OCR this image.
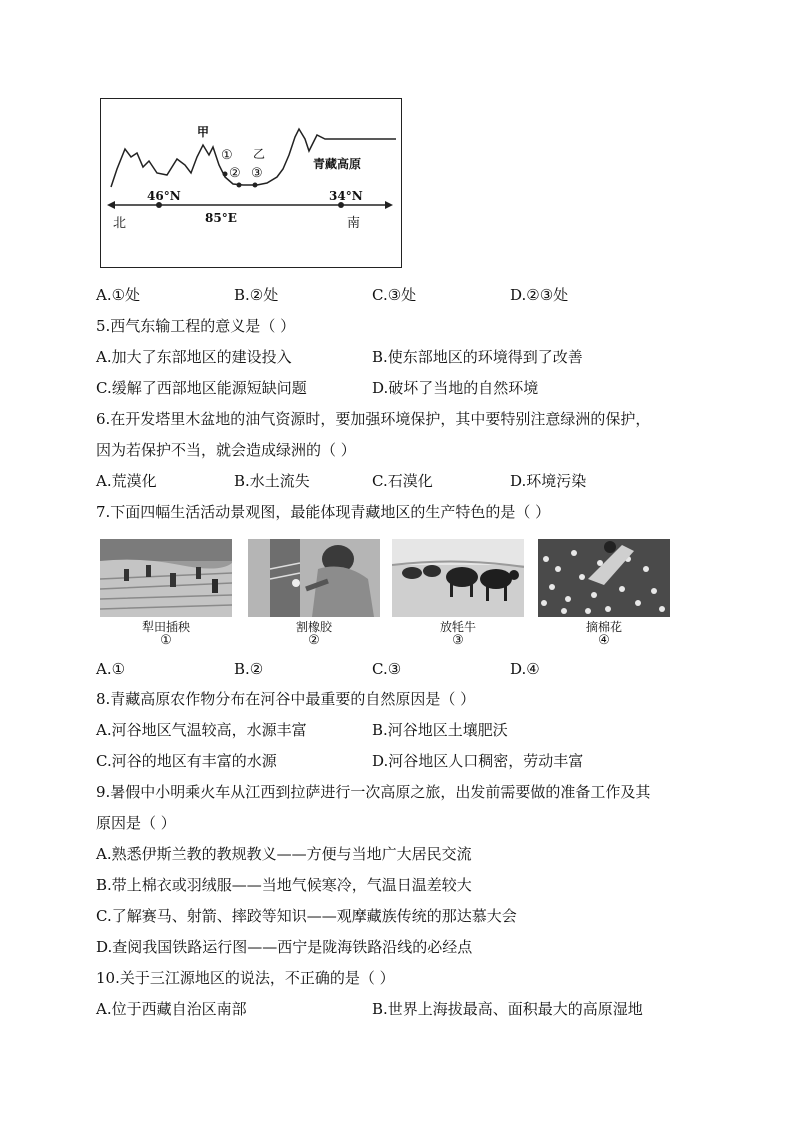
甲
乙
①
② ③
青藏高原
46°N	34°N
85°E
北	南
A.①处	B.②处	C.③处	D.②③处
5.西气东输工程的意义是（ ）
A.加大了东部地区的建设投入	B.使东部地区的环境得到了改善
C.缓解了西部地区能源短缺问题	D.破坏了当地的自然环境
6.在开发塔里木盆地的油气资源时，要加强环境保护，其中要特别注意绿洲的保护，
因为若保护不当，就会造成绿洲的（ ）
A.荒漠化	B.水土流失	C.石漠化	D.环境污染
7.下面四幅生活活动景观图，最能体现青藏地区的生产特色的是（ ）
犁田插秧	割橡胶	放牦牛	摘棉花
①	②	③	④
A.①	B.②	C.③	D.④
8.青藏高原农作物分布在河谷中最重要的自然原因是（ ）
A.河谷地区气温较高，水源丰富	B.河谷地区土壤肥沃
C.河谷的地区有丰富的水源	D.河谷地区人口稠密，劳动丰富
9.暑假中小明乘火车从江西到拉萨进行一次高原之旅，出发前需要做的准备工作及其
原因是（ ）
A.熟悉伊斯兰教的教规教义——方便与当地广大居民交流
B.带上棉衣或羽绒服——当地气候寒冷，气温日温差较大
C.了解赛马、射箭、摔跤等知识——观摩藏族传统的那达慕大会
D.查阅我国铁路运行图——西宁是陇海铁路沿线的必经点
10.关于三江源地区的说法，不正确的是（ ）
A.位于西藏自治区南部	B.世界上海拔最高、面积最大的高原湿地
